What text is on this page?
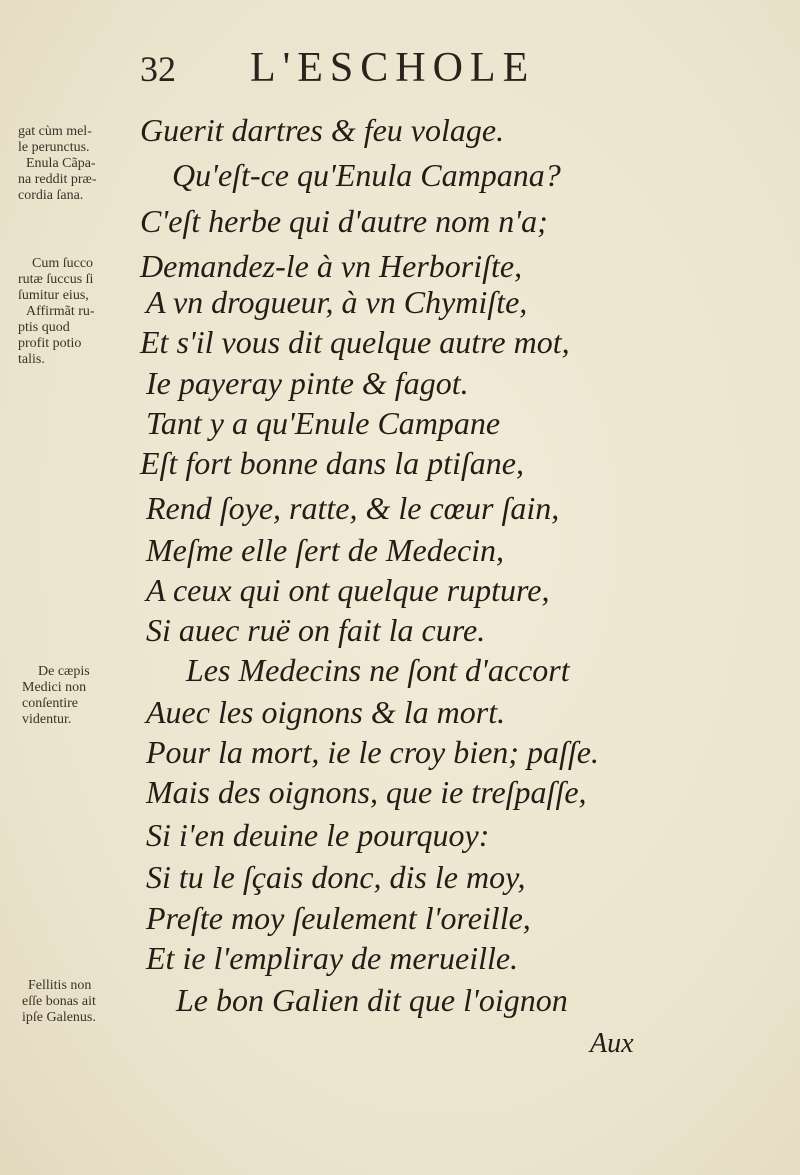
32 L'ESCHOLE
Guerit dartres & feu volage.
Qu'eſt-ce qu'Enula Campana?
C'eſt herbe qui d'autre nom n'a;
Demandez-le à vn Herboriſte,
A vn drogueur, à vn Chymiſte,
Et s'il vous dit quelque autre mot,
Ie payeray pinte & fagot.
Tant y a qu'Enule Campane
Eſt fort bonne dans la ptiſane,
Rend ſoye, ratte, & le cœur ſain,
Meſme elle ſert de Medecin,
A ceux qui ont quelque rupture,
Si auec ruë on fait la cure.
Les Medecins ne ſont d'accort
Auec les oignons & la mort.
Pour la mort, ie le croy bien; paſſe.
Mais des oignons, que ie treſpaſſe,
Si i'en deuine le pourquoy:
Si tu le ſçais donc, dis le moy,
Preſte moy ſeulement l'oreille,
Et ie l'empliray de merueille.
Le bon Galien dit que l'oignon
gat cùm mel-
le perunctus.
Enula Cãpa-
na reddit præ-
cordia ſana.
Cum ſucco
rutæ ſuccus ſi
ſumitur eius,
Affirmãt ru-
ptis quod
profit potio
talis.
De cæpis
Medici non
conſentire
videntur.
Fellitis non
eſſe bonas ait
ipſe Galenus.
Aux
